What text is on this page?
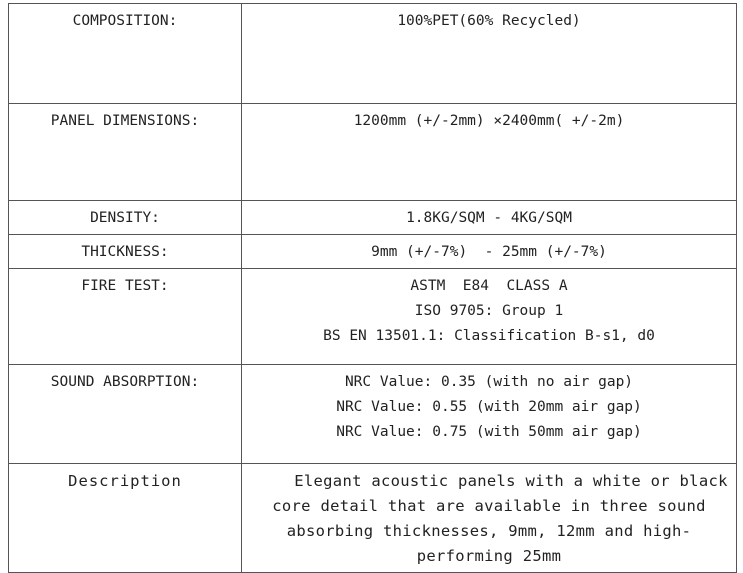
COMPOSITION:	100%PET(60% Recycled)

PANEL DIMENSIONS:	1200mm (+/-2mm) ×2400mm( +/-2m)

DENSITY:	1.8KG/SQM - 4KG/SQM

THICKNESS:	9mm (+/-7%)  - 25mm (+/-7%)

FIRE TEST:	ASTM  E84  CLASS A
ISO 9705: Group 1
BS EN 13501.1: Classification B-s1, d0

SOUND ABSORPTION:	NRC Value: 0.35 (with no air gap)
NRC Value: 0.55 (with 20mm air gap)
NRC Value: 0.75 (with 50mm air gap)

Description	Elegant acoustic panels with a white or black core detail that are available in three sound absorbing thicknesses, 9mm, 12mm and high-performing 25mm
